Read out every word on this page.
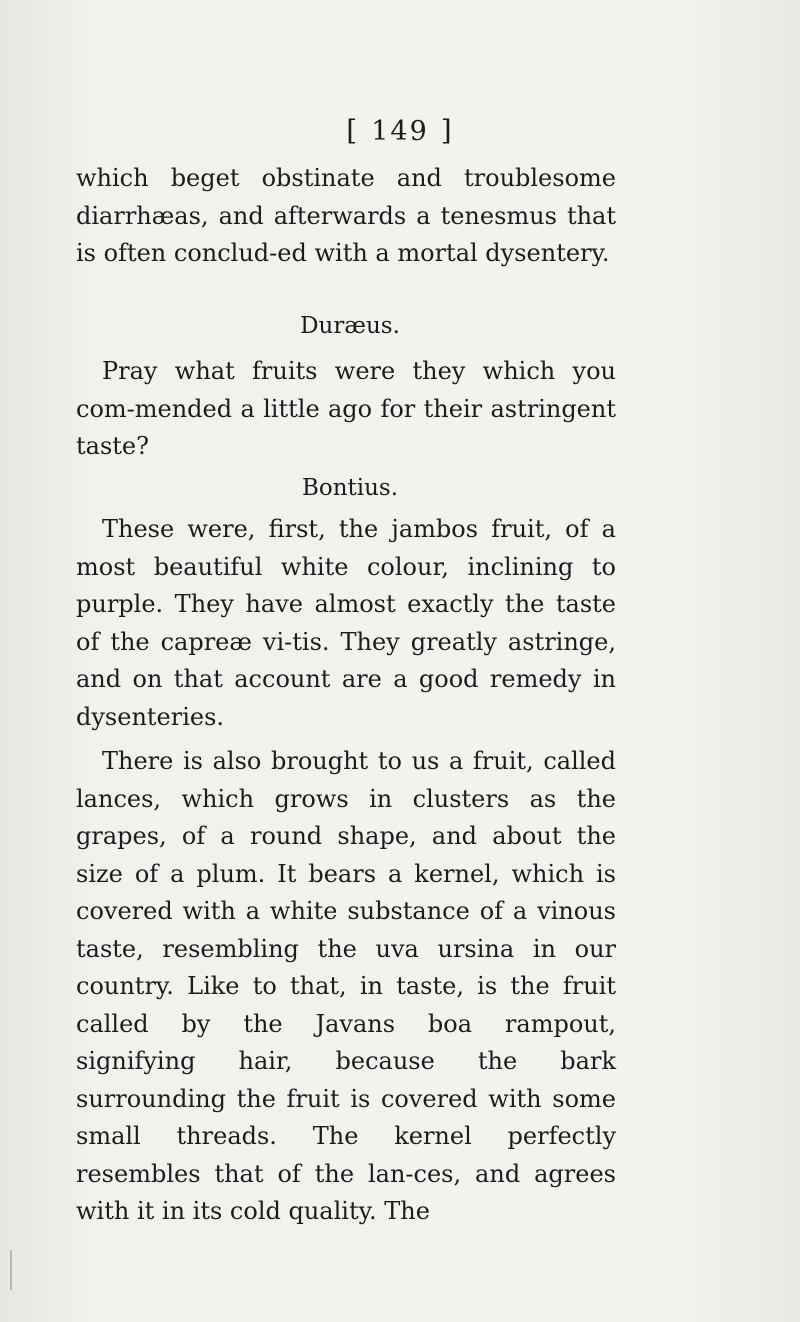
[ 149 ]

which beget obstinate and troublesome diarrhæas, and afterwards a tenesmus that is often conclud-ed with a mortal dysentery.

Duræus.

Pray what fruits were they which you com-mended a little ago for their astringent taste?

Bontius.

These were, first, the jambos fruit, of a most beautiful white colour, inclining to purple. They have almost exactly the taste of the capreæ vi-tis. They greatly astringe, and on that account are a good remedy in dysenteries.

There is also brought to us a fruit, called lances, which grows in clusters as the grapes, of a round shape, and about the size of a plum. It bears a kernel, which is covered with a white substance of a vinous taste, resembling the uva ursina in our country. Like to that, in taste, is the fruit called by the Javans boa rampout, signifying hair, because the bark surrounding the fruit is covered with some small threads. The kernel perfectly resembles that of the lan-ces, and agrees with it in its cold quality. The
